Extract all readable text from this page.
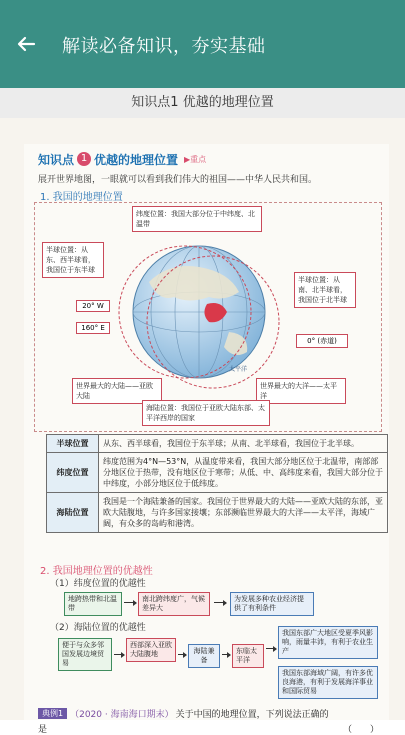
解读必备知识，夯实基础
知识点1 优越的地理位置
知识点 1 优越的地理位置 ▶重点
展开世界地图，一眼就可以看到我们伟大的祖国——中华人民共和国。
1. 我国的地理位置
纬度位置：我国大部分位于中纬度、北温带
半球位置：从东、西半球看，我国位于东半球
半球位置：从南、北半球看，我国位于北半球
20° W
160° E
0° (赤道)
太平洋
世界最大的大陆——亚欧大陆
世界最大的大洋——太平洋
海陆位置：我国位于亚欧大陆东部、太平洋西岸的国家
半球位置	从东、西半球看，我国位于东半球；从南、北半球看，我国位于北半球。
纬度位置	纬度范围为4°N—53°N，从温度带来看，我国大部分地区位于北温带，南部部分地区位于热带，没有地区位于寒带；从低、中、高纬度来看，我国大部分位于中纬度，小部分地区位于低纬度。
海陆位置	我国是一个海陆兼备的国家。我国位于世界最大的大陆——亚欧大陆的东部，亚欧大陆腹地，与许多国家接壤；东部濒临世界最大的大洋——太平洋，海域广阔，有众多的岛屿和港湾。
2. 我国地理位置的优越性
（1）纬度位置的优越性
地跨热带和北温带
南北跨纬度广，气候差异大
为发展多种农业经济提供了有利条件
（2）海陆位置的优越性
便于与众多邻国发展边境贸易
西部深入亚欧大陆腹地	海陆兼备
东临太平洋
我国东部广大地区受夏季风影响，雨量丰沛，有利于农业生产
我国东部海域广阔，有许多优良海港，有利于发展海洋事业和国际贸易
典例1 （2020 · 海南海口期末） 关于中国的地理位置，下列说法正确的
是	（　　）
